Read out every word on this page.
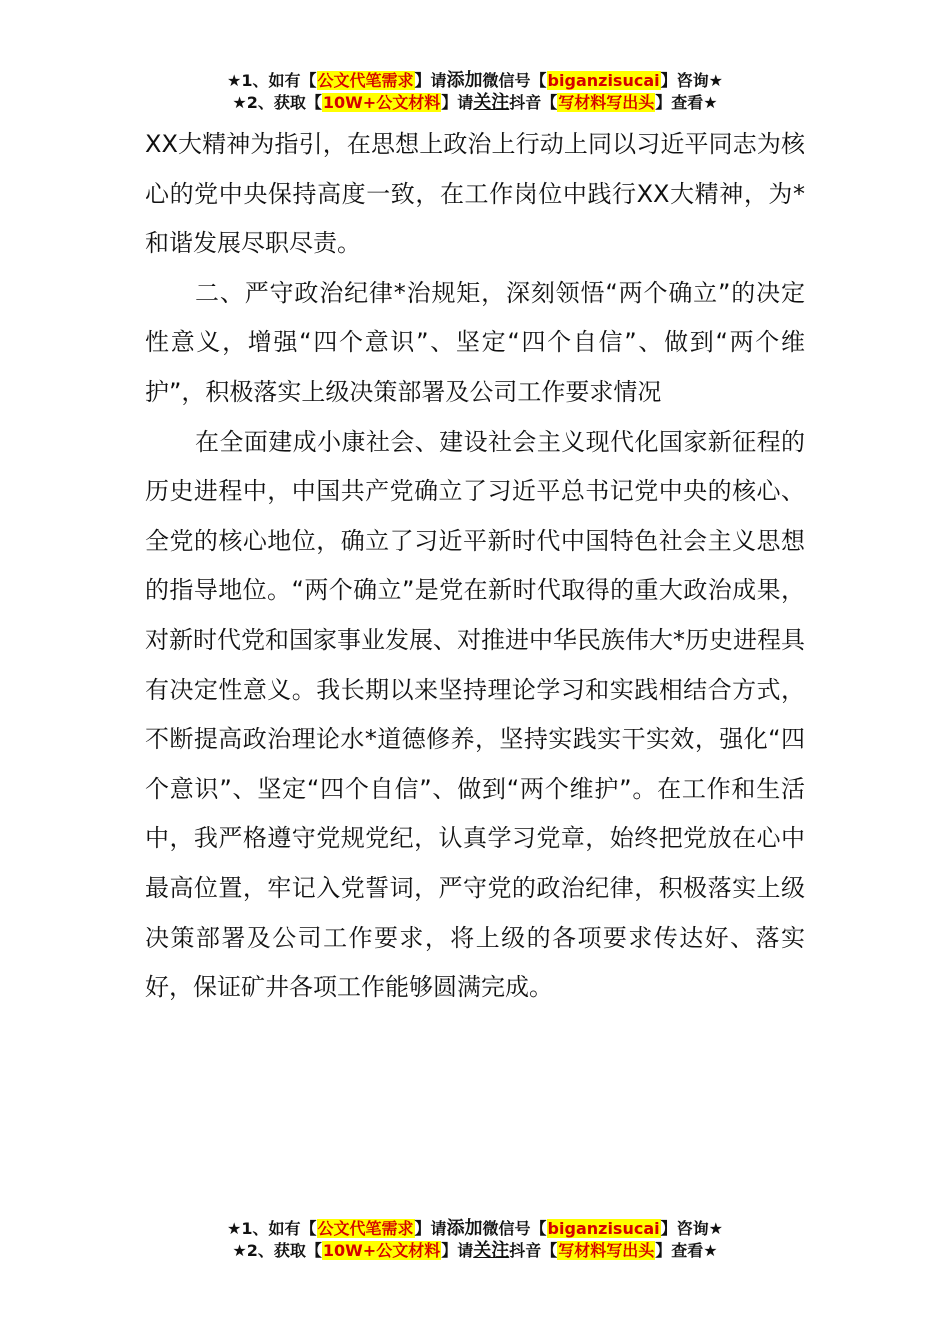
★1、如有【公文代笔需求】请添加微信号【biganzisucai】咨询★
★2、获取【10W+公文材料】请关注抖音【写材料写出头】查看★

XX大精神为指引，在思想上政治上行动上同以习近平同志为核心的党中央保持高度一致，在工作岗位中践行XX大精神，为*和谐发展尽职尽责。

二、严守政治纪律*治规矩，深刻领悟“两个确立”的决定性意义，增强“四个意识”、坚定“四个自信”、做到“两个维护”，积极落实上级决策部署及公司工作要求情况

在全面建成小康社会、建设社会主义现代化国家新征程的历史进程中，中国共产党确立了习近平总书记党中央的核心、全党的核心地位，确立了习近平新时代中国特色社会主义思想的指导地位。“两个确立”是党在新时代取得的重大政治成果，对新时代党和国家事业发展、对推进中华民族伟大*历史进程具有决定性意义。我长期以来坚持理论学习和实践相结合方式，不断提高政治理论水*道德修养，坚持实践实干实效，强化“四个意识”、坚定“四个自信”、做到“两个维护”。在工作和生活中，我严格遵守党规党纪，认真学习党章，始终把党放在心中最高位置，牢记入党誓词，严守党的政治纪律，积极落实上级决策部署及公司工作要求，将上级的各项要求传达好、落实好，保证矿井各项工作能够圆满完成。

★1、如有【公文代笔需求】请添加微信号【biganzisucai】咨询★
★2、获取【10W+公文材料】请关注抖音【写材料写出头】查看★
